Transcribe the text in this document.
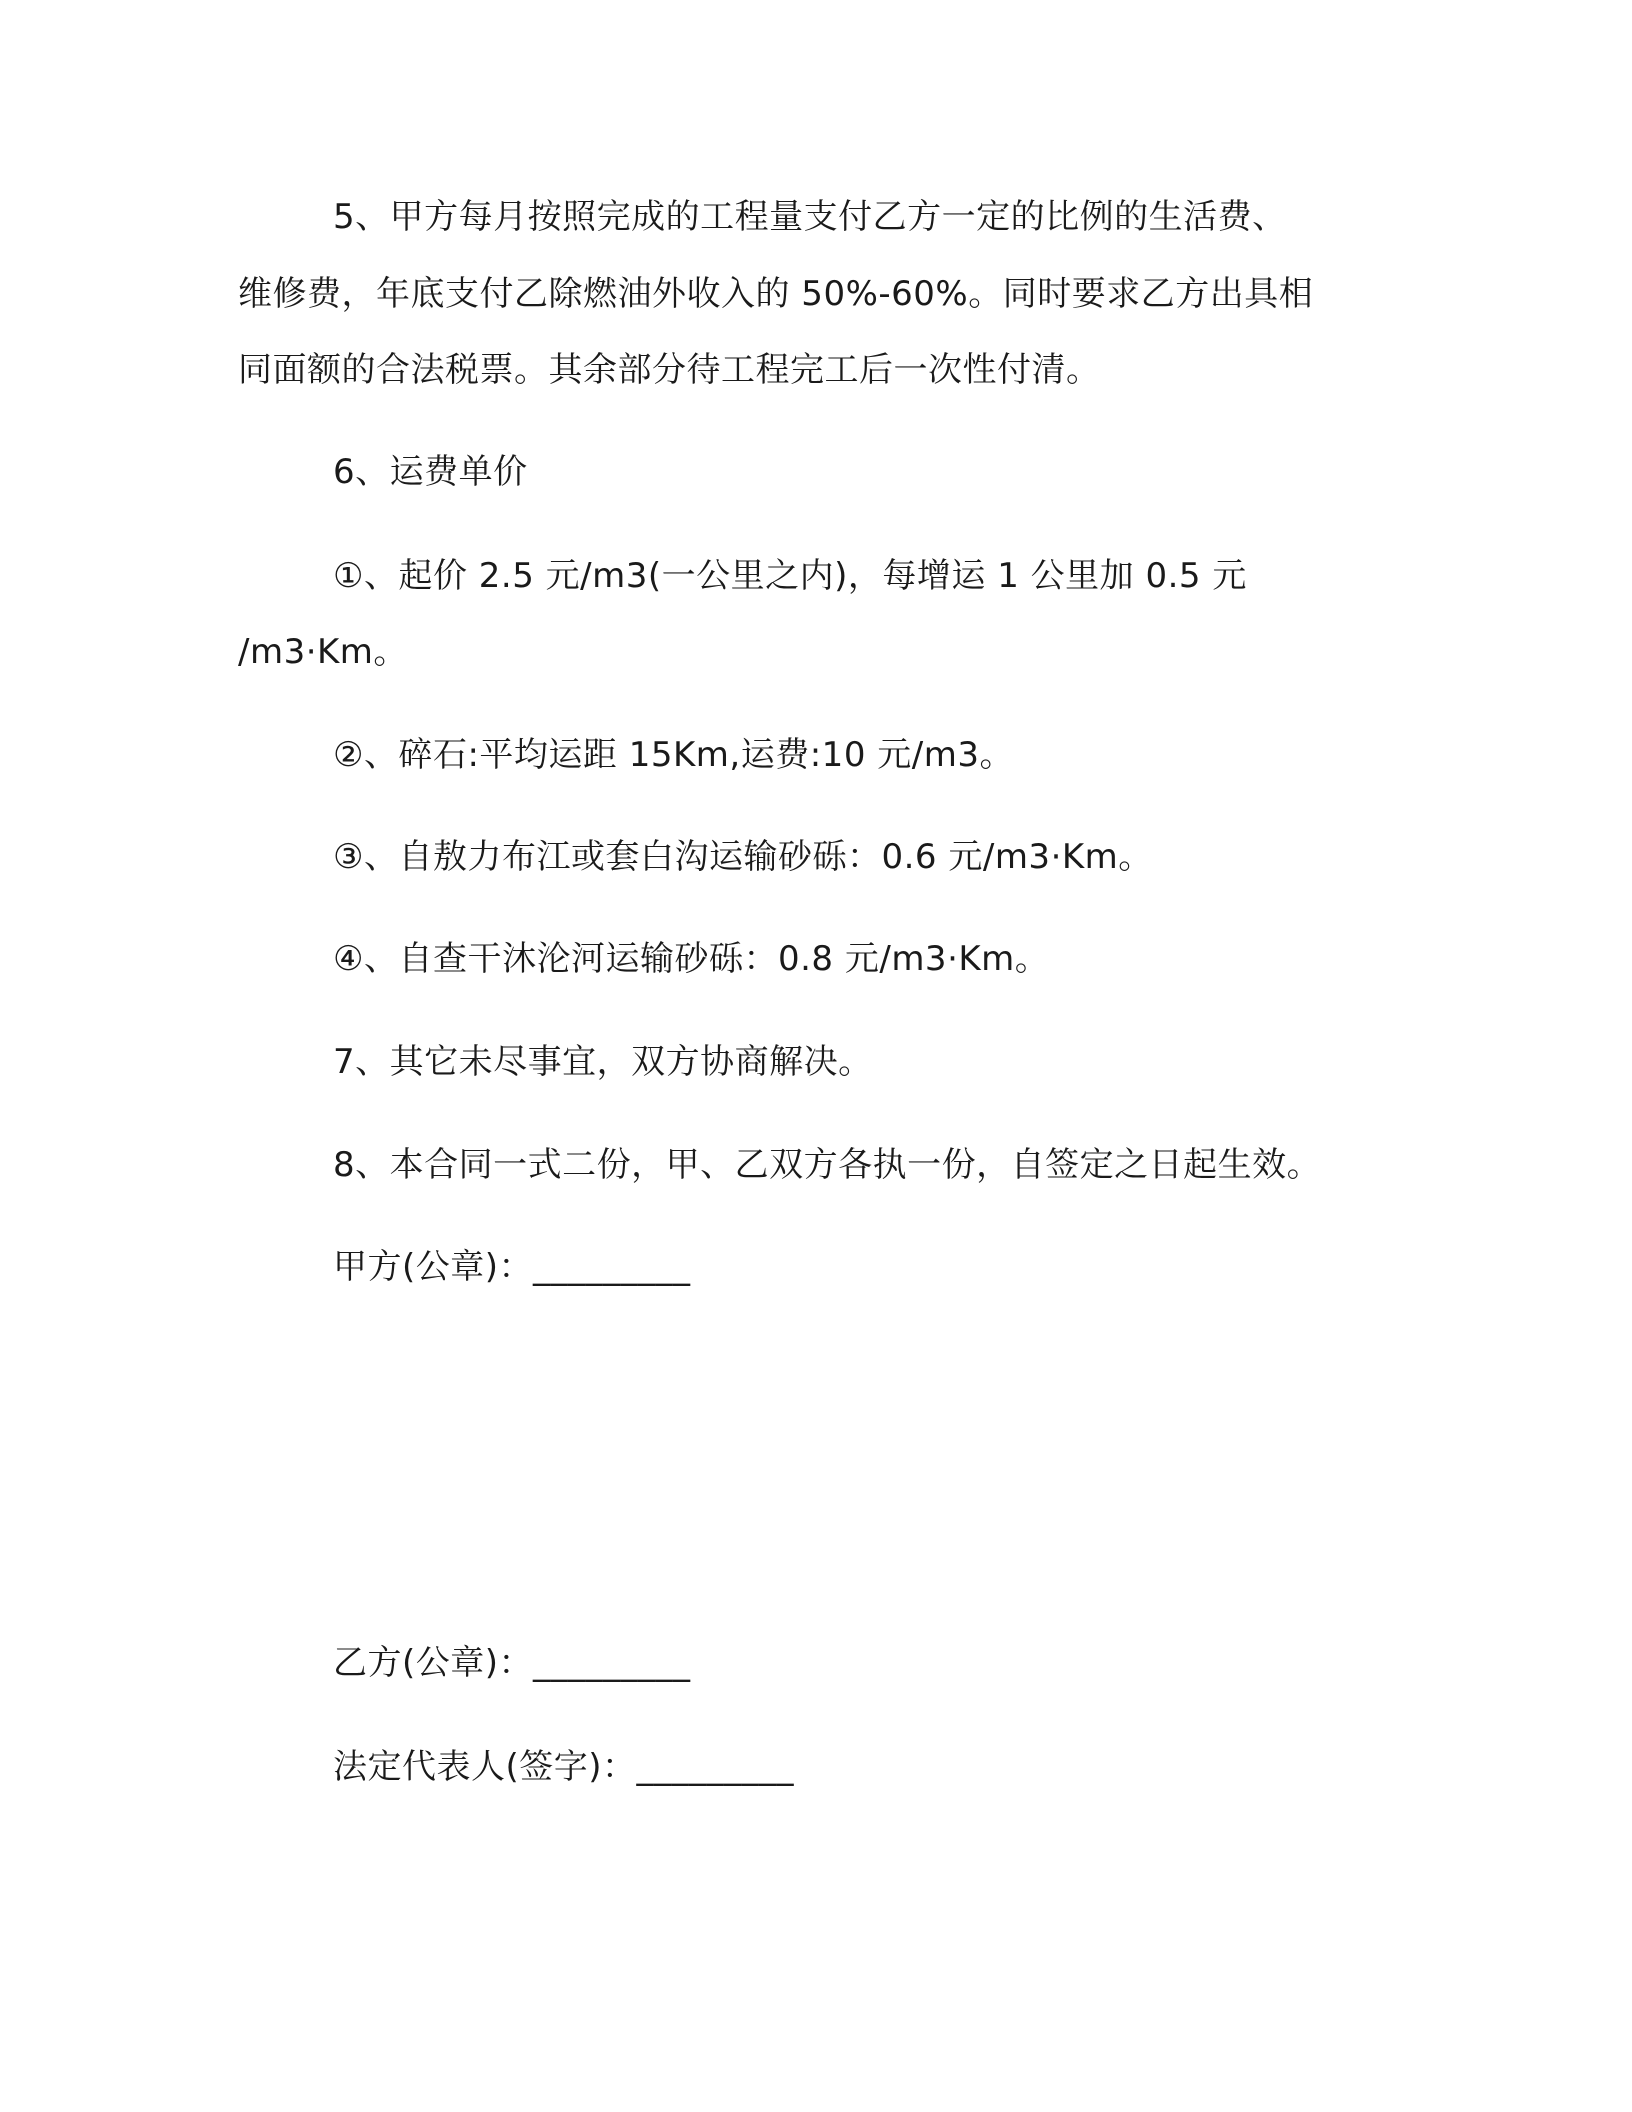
5、甲方每月按照完成的工程量支付乙方一定的比例的生活费、
维修费，年底支付乙除燃油外收入的 50%-60%。同时要求乙方出具相
同面额的合法税票。其余部分待工程完工后一次性付清。
6、运费单价
①、起价 2.5 元/m3(一公里之内)，每增运 1 公里加 0.5 元
/m3·Km。
②、碎石:平均运距 15Km,运费:10 元/m3。
③、自敖力布江或套白沟运输砂砾：0.6 元/m3·Km。
④、自查干沐沦河运输砂砾：0.8 元/m3·Km。
7、其它未尽事宜，双方协商解决。
8、本合同一式二份，甲、乙双方各执一份，自签定之日起生效。
甲方(公章)：_________
乙方(公章)：_________
法定代表人(签字)：_________
